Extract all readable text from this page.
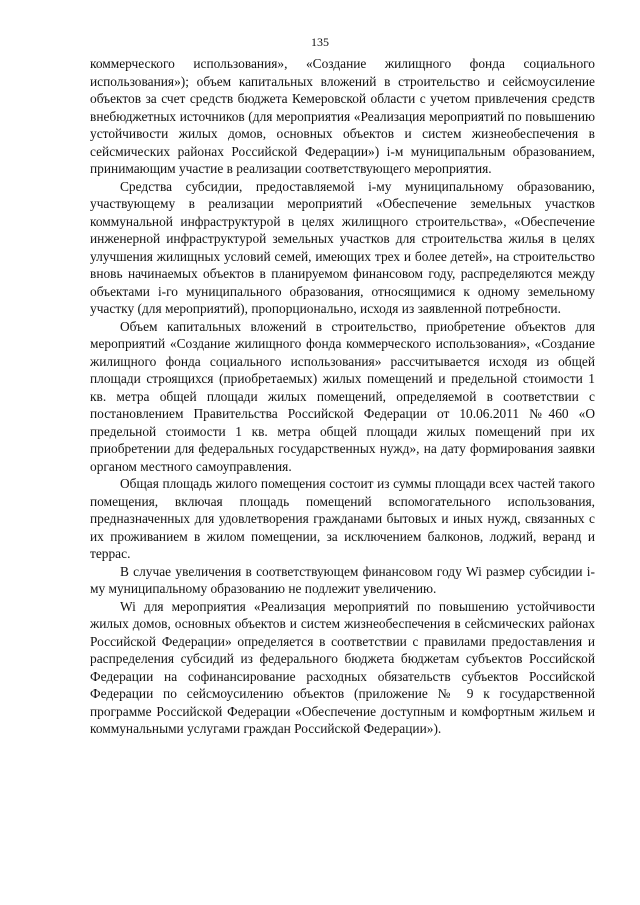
135

коммерческого использования», «Создание жилищного фонда социального использования»); объем капитальных вложений в строительство и сейсмоусиление объектов за счет средств бюджета Кемеровской области с учетом привлечения средств внебюджетных источников (для мероприятия «Реализация мероприятий по повышению устойчивости жилых домов, основных объектов и систем жизнеобеспечения в сейсмических районах Российской Федерации») i-м муниципальным образованием, принимающим участие в реализации соответствующего мероприятия.

Средства субсидии, предоставляемой i-му муниципальному образованию, участвующему в реализации мероприятий «Обеспечение земельных участков коммунальной инфраструктурой в целях жилищного строительства», «Обеспечение инженерной инфраструктурой земельных участков для строительства жилья в целях улучшения жилищных условий семей, имеющих трех и более детей», на строительство вновь начинаемых объектов в планируемом финансовом году, распределяются между объектами i-го муниципального образования, относящимися к одному земельному участку (для мероприятий), пропорционально, исходя из заявленной потребности.

Объем капитальных вложений в строительство, приобретение объектов для мероприятий «Создание жилищного фонда коммерческого использования», «Создание жилищного фонда социального использования» рассчитывается исходя из общей площади строящихся (приобретаемых) жилых помещений и предельной стоимости 1 кв. метра общей площади жилых помещений, определяемой в соответствии с постановлением Правительства Российской Федерации от 10.06.2011 №460 «О предельной стоимости 1 кв. метра общей площади жилых помещений при их приобретении для федеральных государственных нужд», на дату формирования заявки органом местного самоуправления.

Общая площадь жилого помещения состоит из суммы площади всех частей такого помещения, включая площадь помещений вспомогательного использования, предназначенных для удовлетворения гражданами бытовых и иных нужд, связанных с их проживанием в жилом помещении, за исключением балконов, лоджий, веранд и террас.

В случае увеличения в соответствующем финансовом году Wi размер субсидии i-му муниципальному образованию не подлежит увеличению.

Wi для мероприятия «Реализация мероприятий по повышению устойчивости жилых домов, основных объектов и систем жизнеобеспечения в сейсмических районах Российской Федерации» определяется в соответствии с правилами предоставления и распределения субсидий из федерального бюджета бюджетам субъектов Российской Федерации на софинансирование расходных обязательств субъектов Российской Федерации по сейсмоусилению объектов (приложение № 9 к государственной программе Российской Федерации «Обеспечение доступным и комфортным жильем и коммунальными услугами граждан Российской Федерации»).
